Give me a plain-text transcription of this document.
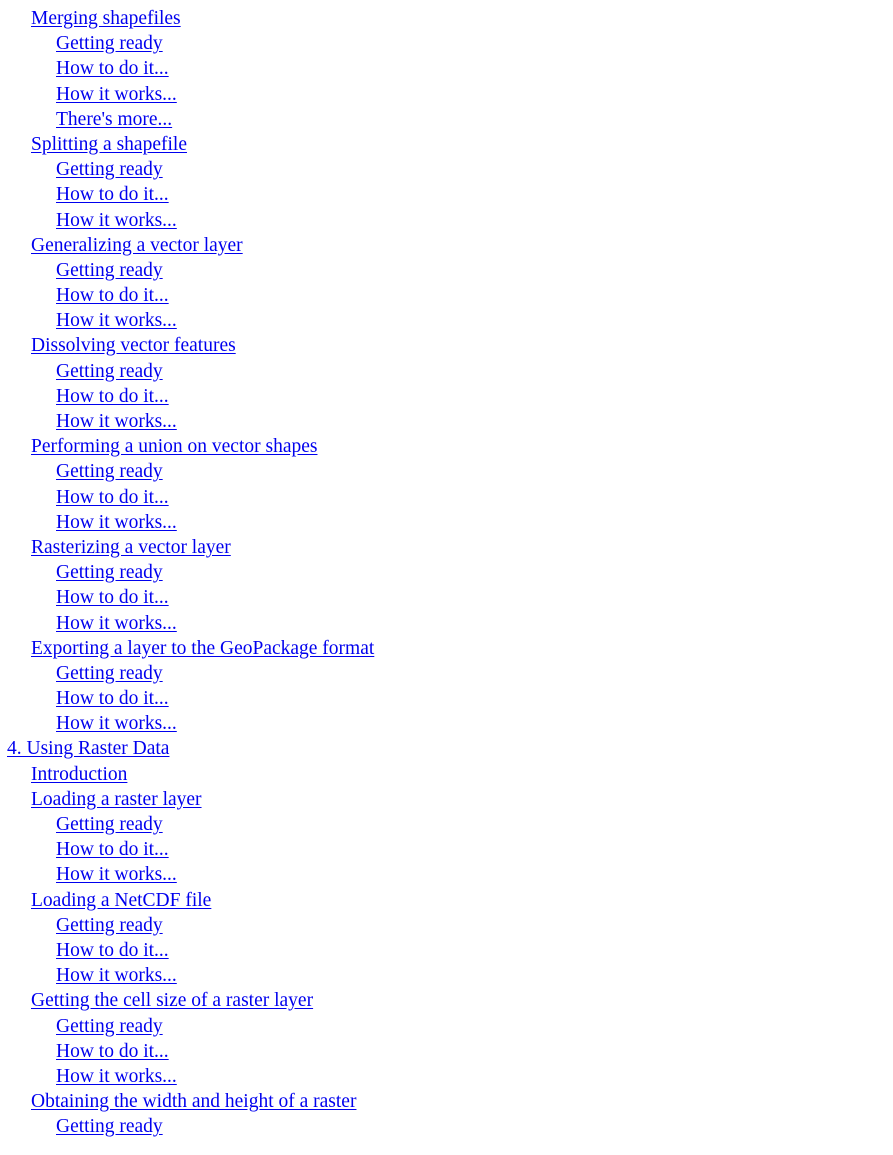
Merging shapefiles
Getting ready
How to do it...
How it works...
There's more...
Splitting a shapefile
Getting ready
How to do it...
How it works...
Generalizing a vector layer
Getting ready
How to do it...
How it works...
Dissolving vector features
Getting ready
How to do it...
How it works...
Performing a union on vector shapes
Getting ready
How to do it...
How it works...
Rasterizing a vector layer
Getting ready
How to do it...
How it works...
Exporting a layer to the GeoPackage format
Getting ready
How to do it...
How it works...
4. Using Raster Data
Introduction
Loading a raster layer
Getting ready
How to do it...
How it works...
Loading a NetCDF file
Getting ready
How to do it...
How it works...
Getting the cell size of a raster layer
Getting ready
How to do it...
How it works...
Obtaining the width and height of a raster
Getting ready
